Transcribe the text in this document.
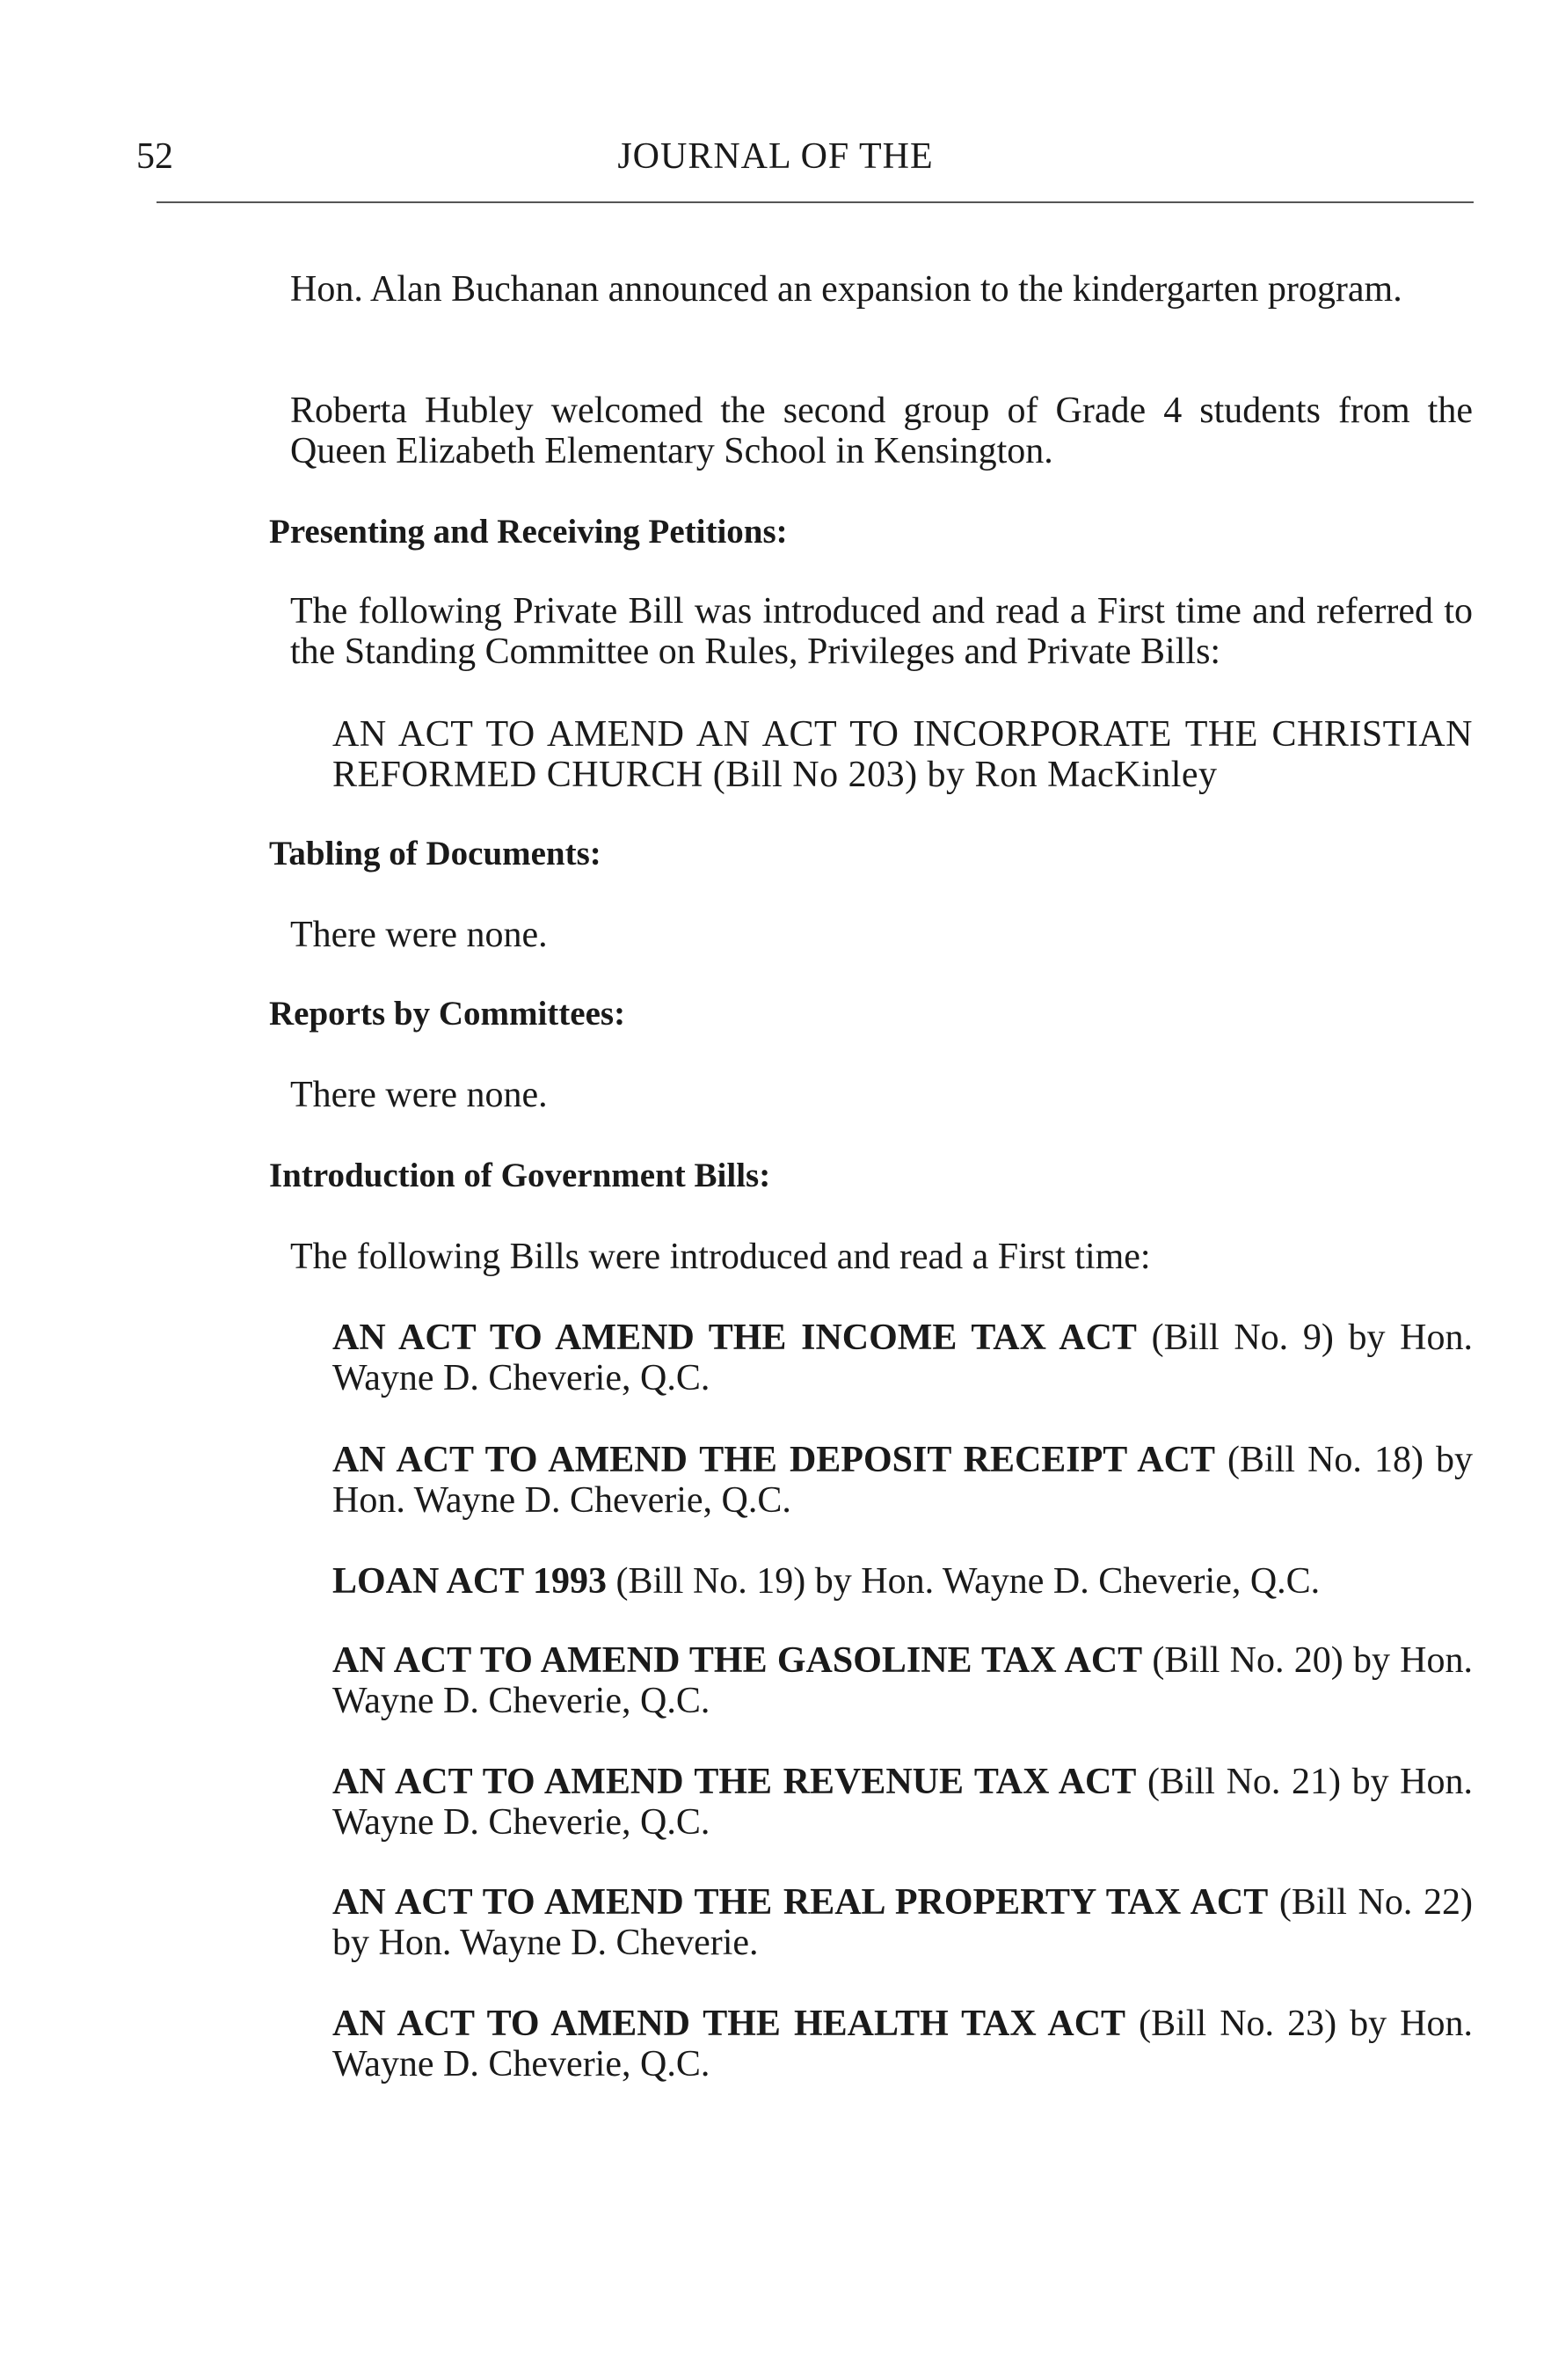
52	JOURNAL OF THE

Hon. Alan Buchanan announced an expansion to the kindergarten program.

Roberta Hubley welcomed the second group of Grade 4 students from the Queen Elizabeth Elementary School in Kensington.

Presenting and Receiving Petitions:

The following Private Bill was introduced and read a First time and referred to the Standing Committee on Rules, Privileges and Private Bills:

AN ACT TO AMEND AN ACT TO INCORPORATE THE CHRISTIAN REFORMED CHURCH (Bill No 203) by Ron MacKinley

Tabling of Documents:

There were none.

Reports by Committees:

There were none.

Introduction of Government Bills:

The following Bills were introduced and read a First time:

AN ACT TO AMEND THE INCOME TAX ACT (Bill No. 9) by Hon. Wayne D. Cheverie, Q.C.

AN ACT TO AMEND THE DEPOSIT RECEIPT ACT (Bill No. 18) by Hon. Wayne D. Cheverie, Q.C.

LOAN ACT 1993 (Bill No. 19) by Hon. Wayne D. Cheverie, Q.C.

AN ACT TO AMEND THE GASOLINE TAX ACT (Bill No. 20) by Hon. Wayne D. Cheverie, Q.C.

AN ACT TO AMEND THE REVENUE TAX ACT (Bill No. 21) by Hon. Wayne D. Cheverie, Q.C.

AN ACT TO AMEND THE REAL PROPERTY TAX ACT (Bill No. 22) by Hon. Wayne D. Cheverie.

AN ACT TO AMEND THE HEALTH TAX ACT (Bill No. 23) by Hon. Wayne D. Cheverie, Q.C.
